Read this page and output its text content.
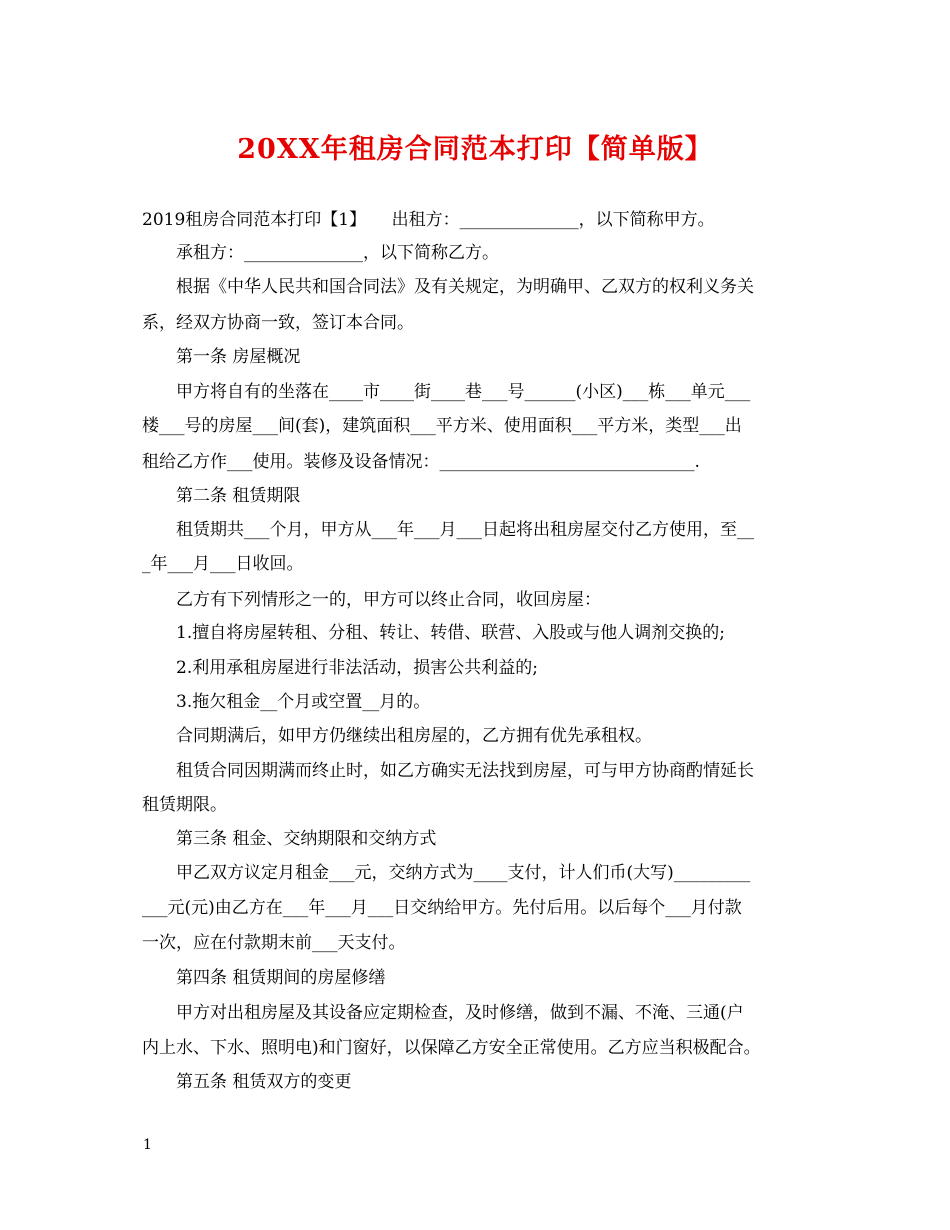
20XX年租房合同范本打印【简单版】
2019租房合同范本打印【1】　　出租方：______________，以下简称甲方。
　　承租方：______________，以下简称乙方。
　　根据《中华人民共和国合同法》及有关规定，为明确甲、乙双方的权利义务关
系，经双方协商一致，签订本合同。
　　第一条 房屋概况
　　甲方将自有的坐落在____市____街____巷___号______(小区)___栋___单元___
楼___号的房屋___间(套)，建筑面积___平方米、使用面积___平方米，类型___出
租给乙方作___使用。装修及设备情况：______________________________.
　　第二条 租赁期限
　　租赁期共___个月，甲方从___年___月___日起将出租房屋交付乙方使用，至__
_年___月___日收回。
　　乙方有下列情形之一的，甲方可以终止合同，收回房屋：
　　1.擅自将房屋转租、分租、转让、转借、联营、入股或与他人调剂交换的;
　　2.利用承租房屋进行非法活动，损害公共利益的;
　　3.拖欠租金__个月或空置__月的。
　　合同期满后，如甲方仍继续出租房屋的，乙方拥有优先承租权。
　　租赁合同因期满而终止时，如乙方确实无法找到房屋，可与甲方协商酌情延长
租赁期限。
　　第三条 租金、交纳期限和交纳方式
　　甲乙双方议定月租金___元，交纳方式为____支付，计人们币(大写)_________
___元(元)由乙方在___年___月___日交纳给甲方。先付后用。以后每个___月付款
一次，应在付款期末前___天支付。
　　第四条 租赁期间的房屋修缮
　　甲方对出租房屋及其设备应定期检查，及时修缮，做到不漏、不淹、三通(户
内上水、下水、照明电)和门窗好，以保障乙方安全正常使用。乙方应当积极配合。
　　第五条 租赁双方的变更
1
